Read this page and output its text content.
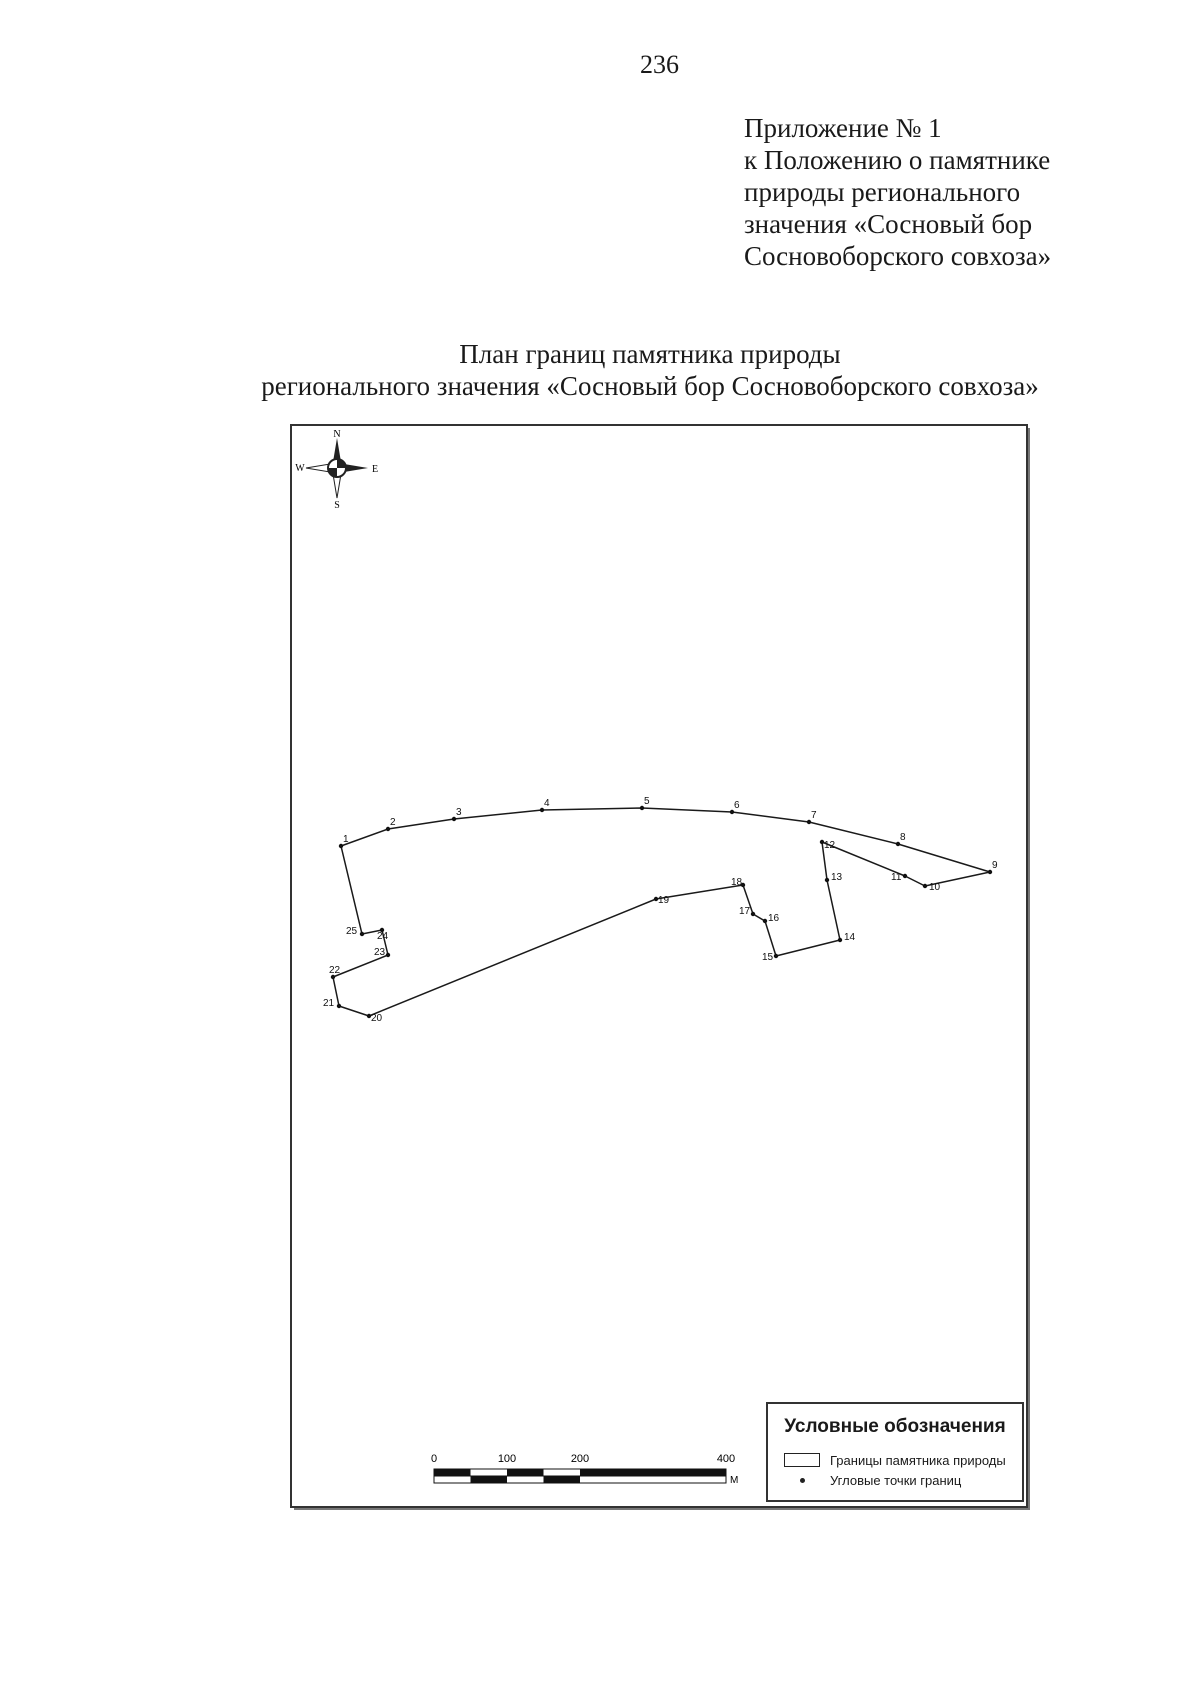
236
Приложение № 1
к Положению о памятнике
природы регионального
значения «Сосновый бор
Сосновоборского совхоза»
План границ памятника природы
регионального значения «Сосновый бор Сосновоборского совхоза»
N
S
W	E
1
2
3
4	5	6
7
8
9
10
11
12
13
14
15
16
17
18
19
20
21
22
23
24
25
0	100	200	400
М
Условные обозначения
Границы памятника природы
Угловые точки границ
